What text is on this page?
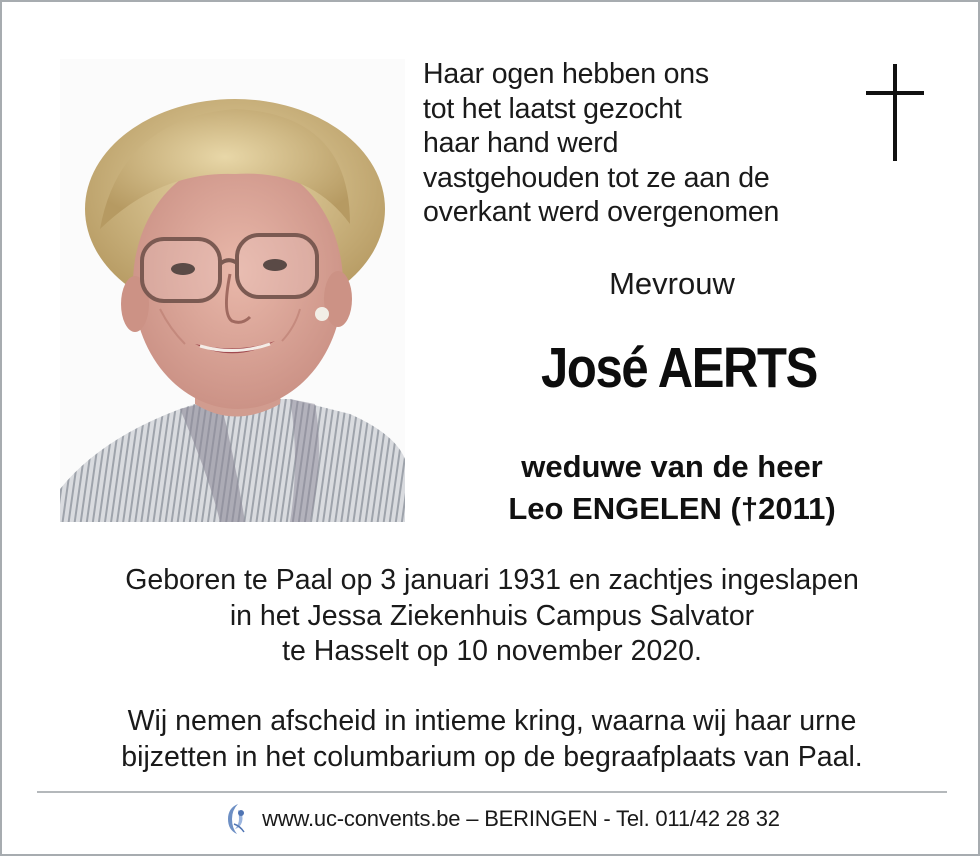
Haar ogen hebben ons
tot het laatst gezocht
haar hand werd
vastgehouden tot ze aan de
overkant werd overgenomen
Mevrouw
José AERTS
weduwe van de heer
Leo ENGELEN (†2011)
Geboren te Paal op 3 januari 1931 en zachtjes ingeslapen
in het Jessa Ziekenhuis Campus Salvator
te Hasselt op 10 november 2020.
Wij nemen afscheid in intieme kring, waarna wij haar urne
bijzetten in het columbarium op de begraafplaats van Paal.
www.uc-convents.be – BERINGEN - Tel. 011/42 28 32
